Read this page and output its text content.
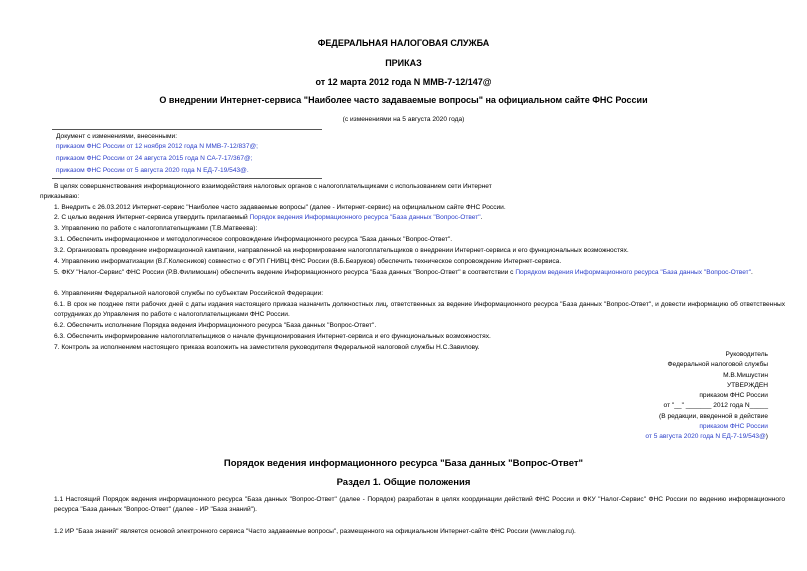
ФЕДЕРАЛЬНАЯ НАЛОГОВАЯ СЛУЖБА
ПРИКАЗ
от 12 марта 2012 года N ММВ-7-12/147@
О внедрении Интернет-сервиса "Наиболее часто задаваемые вопросы" на официальном сайте ФНС России
(с изменениями на 5 августа 2020 года)
Документ с изменениями, внесенными:
приказом ФНС России от 12 ноября 2012 года N ММВ-7-12/837@;
приказом ФНС России от 24 августа 2015 года N СА-7-17/367@;
приказом ФНС России от 5 августа 2020 года N ЕД-7-19/543@.
В целях совершенствования информационного взаимодействия налоговых органов с налогоплательщиками с использованием сети Интернет
приказываю:
1. Внедрить с 26.03.2012 Интернет-сервис "Наиболее часто задаваемые вопросы" (далее - Интернет-сервис) на официальном сайте ФНС России.
2. С целью ведения Интернет-сервиса утвердить прилагаемый Порядок ведения Информационного ресурса "База данных "Вопрос-Ответ".
3. Управлению по работе с налогоплательщиками (Т.В.Матвеева):
3.1. Обеспечить информационное и методологическое сопровождение Информационного ресурса "База данных "Вопрос-Ответ".
3.2. Организовать проведение информационной кампании, направленной на информирование налогоплательщиков о внедрении Интернет-сервиса и его функциональных возможностях.
4. Управлению информатизации (В.Г.Колесников) совместно с ФГУП ГНИВЦ ФНС России (В.Б.Безруков) обеспечить техническое сопровождение Интернет-сервиса.
5. ФКУ "Налог-Сервис" ФНС России (Р.В.Филимошин) обеспечить ведение Информационного ресурса "База данных "Вопрос-Ответ" в соответствии с Порядком ведения Информационного ресурса "База данных "Вопрос-Ответ".
6. Управлениям Федеральной налоговой службы по субъектам Российской Федерации:
6.1. В срок не позднее пяти рабочих дней с даты издания настоящего приказа назначить должностных лиц, ответственных за ведение Информационного ресурса "База данных "Вопрос-Ответ", и довести информацию об ответственных сотрудниках до Управления по работе с налогоплательщиками ФНС России.
6.2. Обеспечить исполнение Порядка ведения Информационного ресурса "База данных "Вопрос-Ответ".
6.3. Обеспечить информирование налогоплательщиков о начале функционирования Интернет-сервиса и его функциональных возможностях.
7. Контроль за исполнением настоящего приказа возложить на заместителя руководителя Федеральной налоговой службы Н.С.Завилову.
Руководитель
Федеральной налоговой службы
М.В.Мишустин
УТВЕРЖДЕН
приказом ФНС России
от "__" _______ 2012 года N_____
(В редакции, введенной в действие
приказом ФНС России
от 5 августа 2020 года N ЕД-7-19/543@)
Порядок ведения информационного ресурса "База данных "Вопрос-Ответ"
Раздел 1. Общие положения
1.1 Настоящий Порядок ведения информационного ресурса "База данных "Вопрос-Ответ" (далее - Порядок) разработан в целях координации действий ФНС России и ФКУ "Налог-Сервис" ФНС России по ведению информационного ресурса "База данных "Вопрос-Ответ" (далее - ИР "База знаний").
1.2 ИР "База знаний" является основой электронного сервиса "Часто задаваемые вопросы", размещенного на официальном Интернет-сайте ФНС России (www.nalog.ru).
